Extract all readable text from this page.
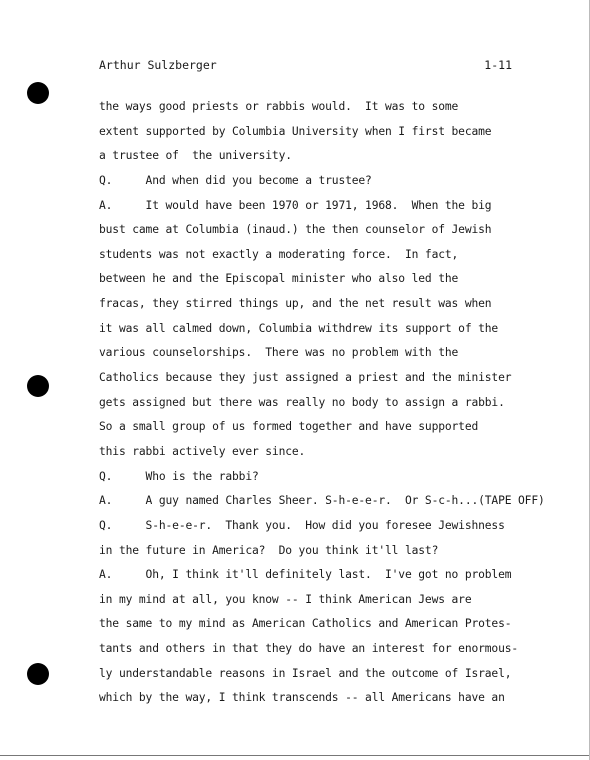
Arthur Sulzberger	1-11
the ways good priests or rabbis would.  It was to some
extent supported by Columbia University when I first became
a trustee of  the university.
Q.     And when did you become a trustee?
A.     It would have been 1970 or 1971, 1968.  When the big
bust came at Columbia (inaud.) the then counselor of Jewish
students was not exactly a moderating force.  In fact,
between he and the Episcopal minister who also led the
fracas, they stirred things up, and the net result was when
it was all calmed down, Columbia withdrew its support of the
various counselorships.  There was no problem with the
Catholics because they just assigned a priest and the minister
gets assigned but there was really no body to assign a rabbi.
So a small group of us formed together and have supported
this rabbi actively ever since.
Q.     Who is the rabbi?
A.     A guy named Charles Sheer. S-h-e-e-r.  Or S-c-h...(TAPE OFF)
Q.     S-h-e-e-r.  Thank you.  How did you foresee Jewishness
in the future in America?  Do you think it'll last?
A.     Oh, I think it'll definitely last.  I've got no problem
in my mind at all, you know -- I think American Jews are
the same to my mind as American Catholics and American Protes-
tants and others in that they do have an interest for enormous-
ly understandable reasons in Israel and the outcome of Israel,
which by the way, I think transcends -- all Americans have an
